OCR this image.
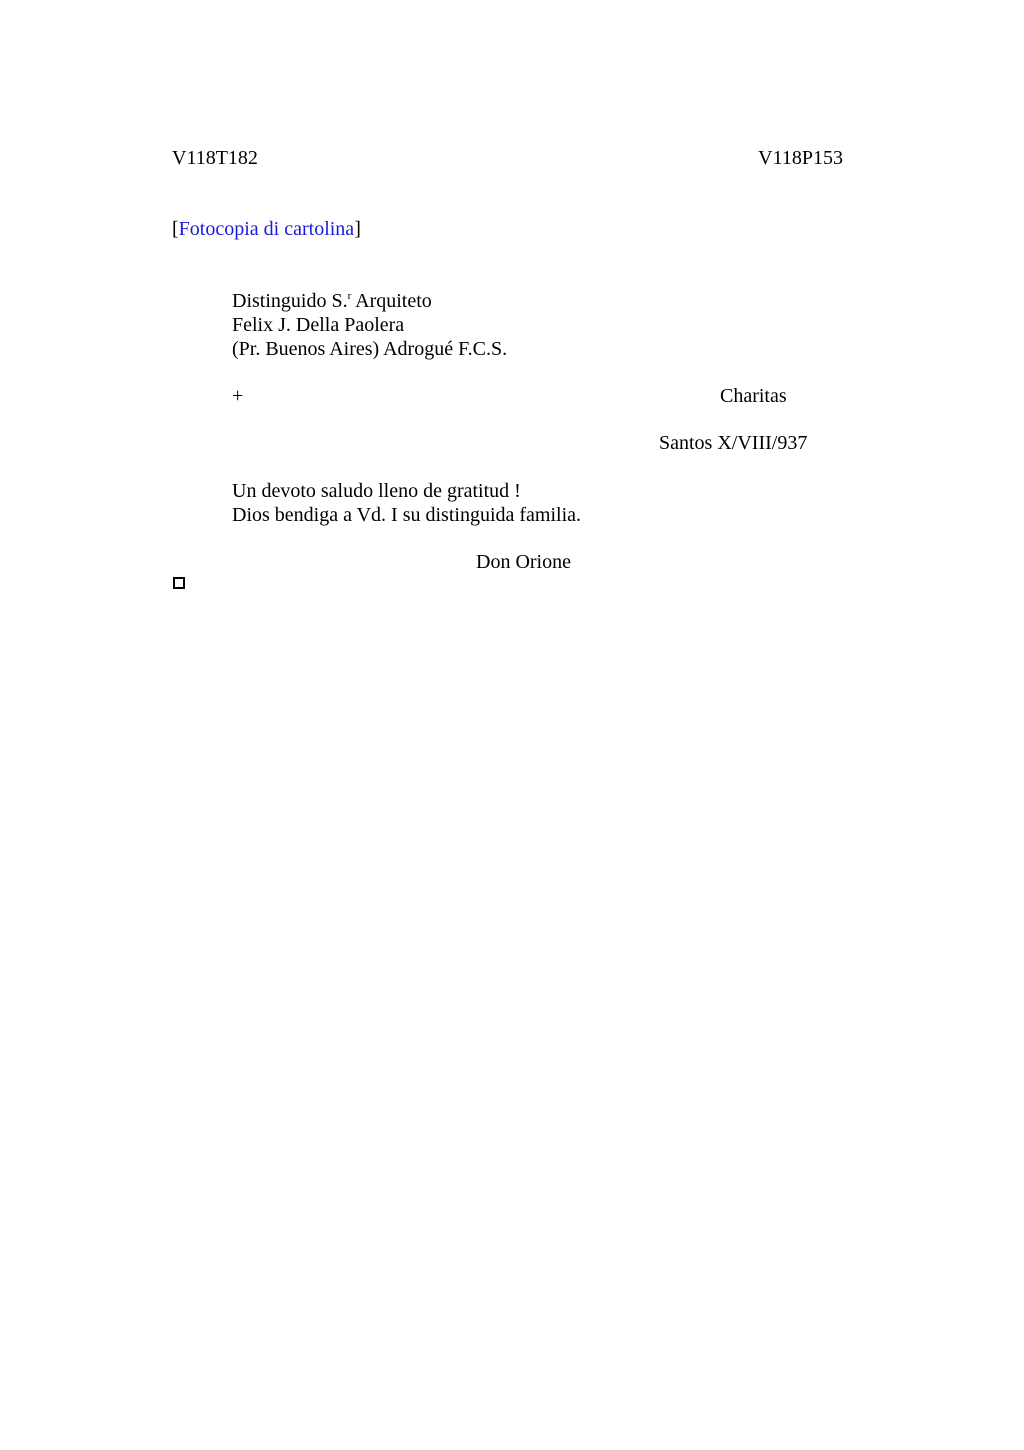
V118T182	V118P153
[Fotocopia di cartolina]
Distinguido S.$^r$ Arquiteto
Felix J. Della Paolera
(Pr. Buenos Aires) Adrogué F.C.S.
+	Charitas
Santos X/VIII/937
Un devoto saludo lleno de gratitud !
Dios bendiga a Vd. I su distinguida familia.
Don Orione
